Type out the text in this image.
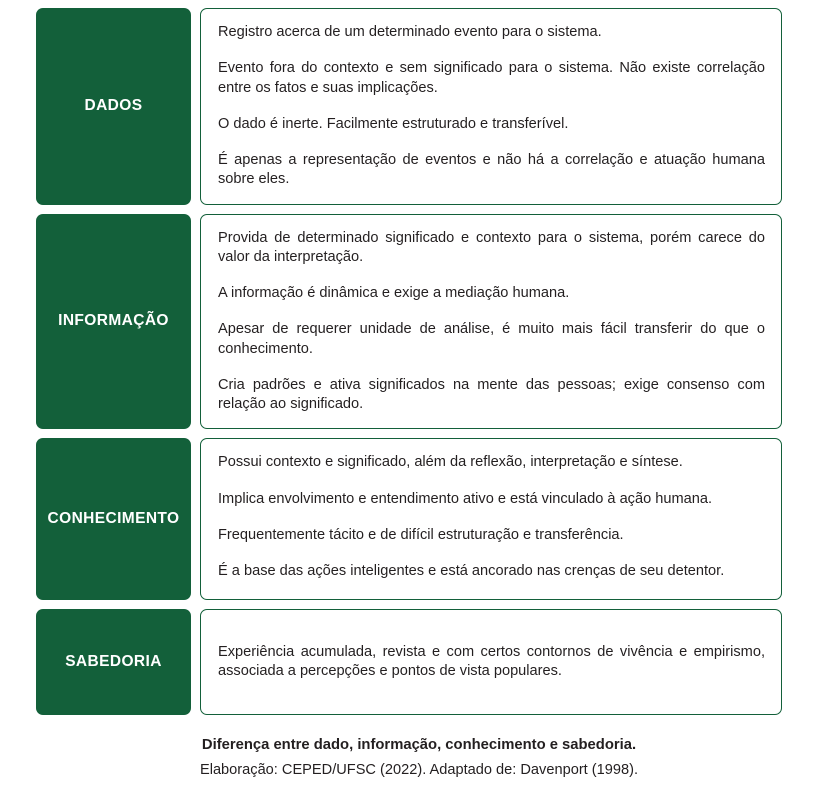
DADOS

Registro acerca de um determinado evento para o sistema.

Evento fora do contexto e sem significado para o sistema. Não existe correlação entre os fatos e suas implicações.

O dado é inerte. Facilmente estruturado e transferível.

É apenas a representação de eventos e não há a correlação e atuação humana sobre eles.

INFORMAÇÃO

Provida de determinado significado e contexto para o sistema, porém carece do valor da interpretação.

A informação é dinâmica e exige a mediação humana.

Apesar de requerer unidade de análise, é muito mais fácil transferir do que o conhecimento.

Cria padrões e ativa significados na mente das pessoas; exige consenso com relação ao significado.

CONHECIMENTO

Possui contexto e significado, além da reflexão, interpretação e síntese.

Implica envolvimento e entendimento ativo e está vinculado à ação humana.

Frequentemente tácito e de difícil estruturação e transferência.

É a base das ações inteligentes e está ancorado nas crenças de seu detentor.

SABEDORIA

Experiência acumulada, revista e com certos contornos de vivência e empirismo, associada a percepções e pontos de vista populares.

Diferença entre dado, informação, conhecimento e sabedoria.
Elaboração: CEPED/UFSC (2022). Adaptado de: Davenport (1998).
